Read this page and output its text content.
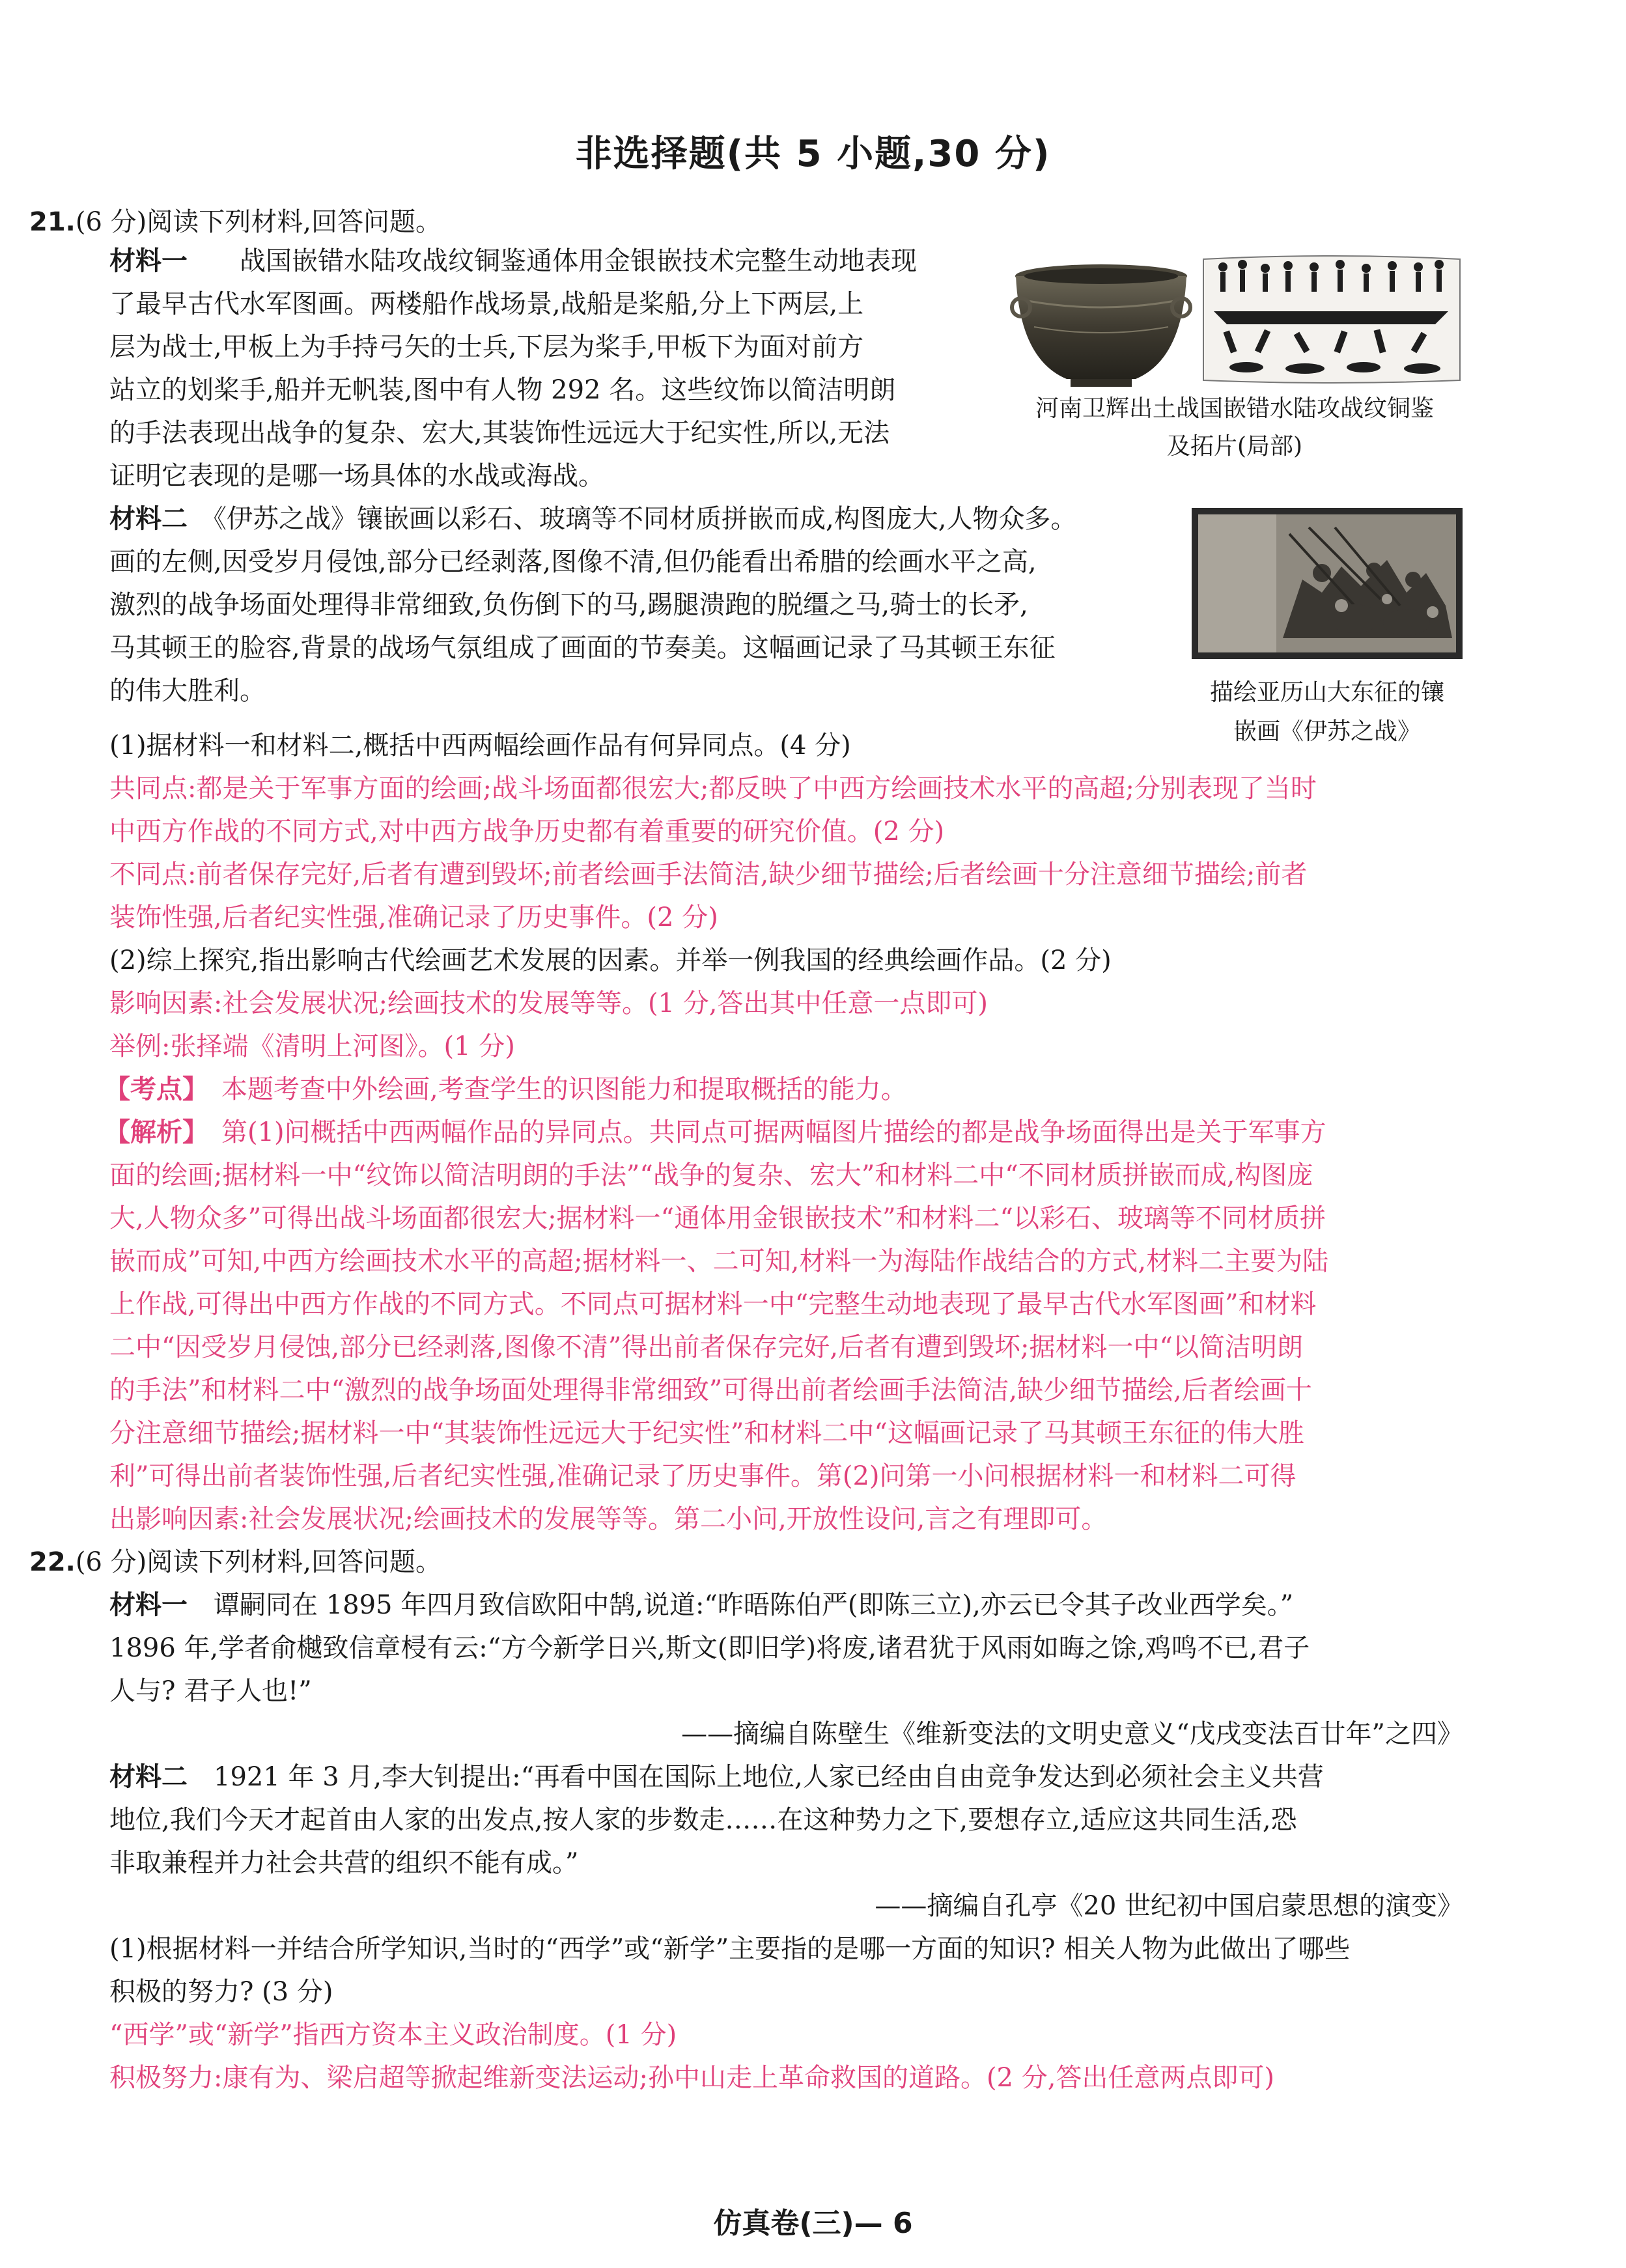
非选择题(共 5 小题,30 分)
21.(6 分)阅读下列材料,回答问题。
材料一　　 战国嵌错水陆攻战纹铜鉴通体用金银嵌技术完整生动地表现
了最早古代水军图画。两楼船作战场景,战船是桨船,分上下两层,上
层为战士,甲板上为手持弓矢的士兵,下层为桨手,甲板下为面对前方
站立的划桨手,船并无帆装,图中有人物 292 名。这些纹饰以简洁明朗
的手法表现出战争的复杂、宏大,其装饰性远远大于纪实性,所以,无法
证明它表现的是哪一场具体的水战或海战。
河南卫辉出土战国嵌错水陆攻战纹铜鉴
及拓片(局部)
材料二　 《伊苏之战》镶嵌画以彩石、玻璃等不同材质拼嵌而成,构图庞大,人物众多。
画的左侧,因受岁月侵蚀,部分已经剥落,图像不清,但仍能看出希腊的绘画水平之高,
激烈的战争场面处理得非常细致,负伤倒下的马,踢腿溃跑的脱缰之马,骑士的长矛,
马其顿王的脸容,背景的战场气氛组成了画面的节奏美。这幅画记录了马其顿王东征
的伟大胜利。	描绘亚历山大东征的镶
嵌画《伊苏之战》
(1)据材料一和材料二,概括中西两幅绘画作品有何异同点。(4 分)
共同点:都是关于军事方面的绘画;战斗场面都很宏大;都反映了中西方绘画技术水平的高超;分别表现了当时
中西方作战的不同方式,对中西方战争历史都有着重要的研究价值。(2 分)
不同点:前者保存完好,后者有遭到毁坏;前者绘画手法简洁,缺少细节描绘;后者绘画十分注意细节描绘;前者
装饰性强,后者纪实性强,准确记录了历史事件。(2 分)
(2)综上探究,指出影响古代绘画艺术发展的因素。并举一例我国的经典绘画作品。(2 分)
影响因素:社会发展状况;绘画技术的发展等等。(1 分,答出其中任意一点即可)
举例:张择端《清明上河图》。(1 分)
【考点】　 本题考查中外绘画,考查学生的识图能力和提取概括的能力。
【解析】　 第(1)问概括中西两幅作品的异同点。共同点可据两幅图片描绘的都是战争场面得出是关于军事方
面的绘画;据材料一中“纹饰以简洁明朗的手法”“战争的复杂、宏大”和材料二中“不同材质拼嵌而成,构图庞
大,人物众多”可得出战斗场面都很宏大;据材料一“通体用金银嵌技术”和材料二“以彩石、玻璃等不同材质拼
嵌而成”可知,中西方绘画技术水平的高超;据材料一、二可知,材料一为海陆作战结合的方式,材料二主要为陆
上作战,可得出中西方作战的不同方式。不同点可据材料一中“完整生动地表现了最早古代水军图画”和材料
二中“因受岁月侵蚀,部分已经剥落,图像不清”得出前者保存完好,后者有遭到毁坏;据材料一中“以简洁明朗
的手法”和材料二中“激烈的战争场面处理得非常细致”可得出前者绘画手法简洁,缺少细节描绘,后者绘画十
分注意细节描绘;据材料一中“其装饰性远远大于纪实性”和材料二中“这幅画记录了马其顿王东征的伟大胜
利”可得出前者装饰性强,后者纪实性强,准确记录了历史事件。第(2)问第一小问根据材料一和材料二可得
出影响因素:社会发展状况;绘画技术的发展等等。第二小问,开放性设问,言之有理即可。
22.(6 分)阅读下列材料,回答问题。
材料一　 谭嗣同在 1895 年四月致信欧阳中鹄,说道:“昨晤陈伯严(即陈三立),亦云已令其子改业西学矣。”
1896 年,学者俞樾致信章梫有云:“方今新学日兴,斯文(即旧学)将废,诸君犹于风雨如晦之馀,鸡鸣不已,君子
人与? 君子人也!”
——摘编自陈壁生《维新变法的文明史意义“戊戌变法百廿年”之四》
材料二　 1921 年 3 月,李大钊提出:“再看中国在国际上地位,人家已经由自由竞争发达到必须社会主义共营
地位,我们今天才起首由人家的出发点,按人家的步数走……在这种势力之下,要想存立,适应这共同生活,恐
非取兼程并力社会共营的组织不能有成。”
——摘编自孔亭《20 世纪初中国启蒙思想的演变》
(1)根据材料一并结合所学知识,当时的“西学”或“新学”主要指的是哪一方面的知识? 相关人物为此做出了哪些
积极的努力? (3 分)
“西学”或“新学”指西方资本主义政治制度。(1 分)
积极努力:康有为、梁启超等掀起维新变法运动;孙中山走上革命救国的道路。(2 分,答出任意两点即可)
仿真卷(三)— 6
